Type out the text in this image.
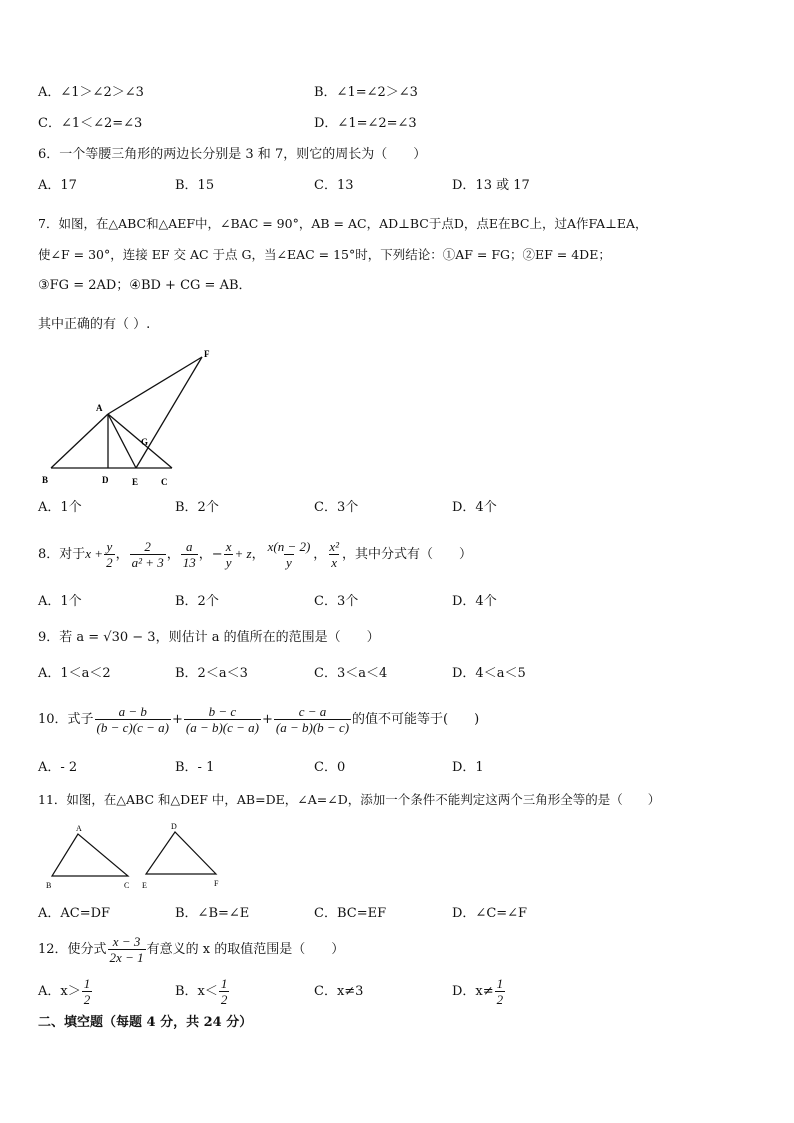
A．∠1＞∠2＞∠3	B．∠1=∠2＞∠3
C．∠1＜∠2=∠3	D．∠1=∠2=∠3
6．一个等腰三角形的两边长分别是 3 和 7，则它的周长为（　　）
A．17	B．15	C．13	D．13 或 17
7．如图，在△ABC和△AEF中，∠BAC = 90°，AB = AC，AD⊥BC于点D，点E在BC上，过A作FA⊥EA，
使∠F = 30°，连接 EF 交 AC 于点 G，当∠EAC = 15°时，下列结论：①AF = FG；②EF = 4DE；
③FG = 2AD；④BD + CG = AB．
其中正确的有（ ）.
F
A
G
B	D	E	C
A．1个	B．2个	C．3个	D．4个
8．对于$x + \frac{y}{2}$ ， $\frac{2}{\text{a² + 3}}$ ， $\frac{a}{13}$ ，− $\frac{x}{y} + z$， $\frac{x(n - 2)}{y}$ ， $\frac{\text{x²}}{x}$ ，其中分式有（　　）
A．1个	B．2个	C．3个	D．4个
9．若 a = √30 − 3，则估计 a 的值所在的范围是（　　）
A．1＜a＜2	B．2＜a＜3	C．3＜a＜4	D．4＜a＜5
10．式子 $\frac{a - b}{(b - c)(c - a)} + \frac{b - c}{(a - b)(c - a)} + \frac{c - a}{(a - b)(b - c)}$ 的值不可能等于(　　)
A．- 2	B．- 1	C．0	D．1
11．如图，在△ABC 和△DEF 中，AB=DE，∠A=∠D，添加一个条件不能判定这两个三角形全等的是（　　）
A
B	C
D
E	F
A．AC=DF	B．∠B=∠E	C．BC=EF	D．∠C=∠F
12．使分式 $\frac{x - 3}{2x - 1}$ 有意义的 x 的取值范围是（　　）
A．$x> \frac{1}{2}$	B．$x< \frac{1}{2}$	C．x≠3	D．$x\ne \frac{1}{2}$
二、填空题（每题 4 分，共 24 分）
